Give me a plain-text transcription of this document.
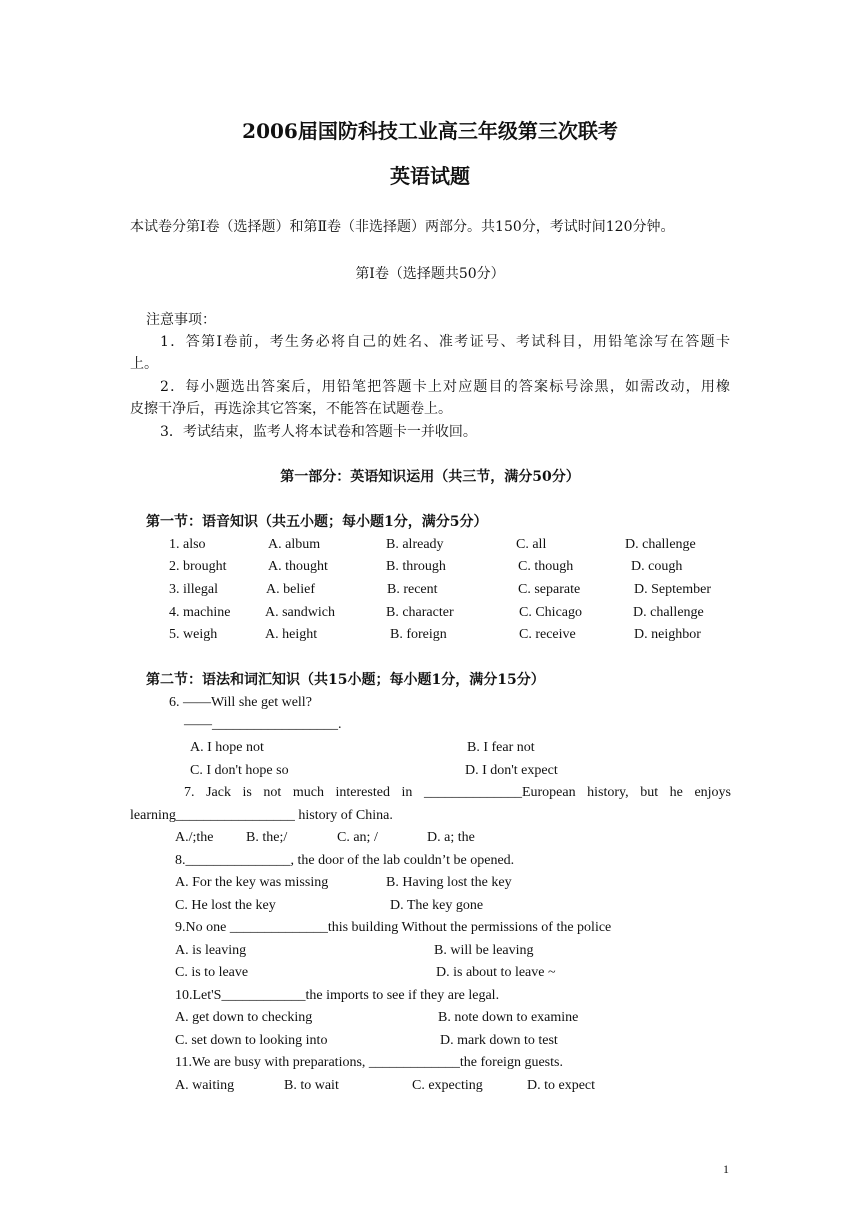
2006届国防科技工业高三年级第三次联考
英语试题
本试卷分第Ⅰ卷（选择题）和第Ⅱ卷（非选择题）两部分。共150分，考试时间120分钟。
第Ⅰ卷（选择题共50分）
注意事项：
1．答第Ⅰ卷前，考生务必将自己的姓名、准考证号、考试科目，用铅笔涂写在答题卡
上。
2．每小题选出答案后，用铅笔把答题卡上对应题目的答案标号涂黑，如需改动，用橡
皮擦干净后，再选涂其它答案，不能答在试题卷上。
3．考试结束，监考人将本试卷和答题卡一并收回。
第一部分：英语知识运用（共三节，满分50分）
第一节：语音知识（共五小题；每小题1分，满分5分）
1. also	A. album	B. already	C. all	D. challenge
2. brought	A. thought	B. through	C. though	D. cough
3. illegal	A. belief	B. recent	C. separate	D. September
4. machine A. sandwich	B. character	C. Chicago	D. challenge
5. weigh	A. height	B. foreign	C. receive	D. neighbor
第二节：语法和词汇知识（共15小题；每小题1分，满分15分）
6. ——Will she get well?
——__________________.
A. I hope not	B. I fear not
C. I don't hope so	D. I don't expect
7. Jack is not much interested in ______________European history, but he enjoys
learning_________________ history of China.
A./;the B. the;/	C. an; /	D. a; the
8._______________, the door of the lab couldn’t be opened.
A. For the key was missing	B. Having lost the key
C. He lost the key	D. The key gone
9.No one ______________this building Without the permissions of the police
A. is leaving	B. will be leaving
C. is to leave	D. is about to leave ~
10.Let'S____________the imports to see if they are legal.
A. get down to checking	B. note down to examine
C. set down to looking into	D. mark down to test
11.We are busy with preparations, _____________the foreign guests.
A. waiting	B. to wait	C. expecting	D. to expect
1
